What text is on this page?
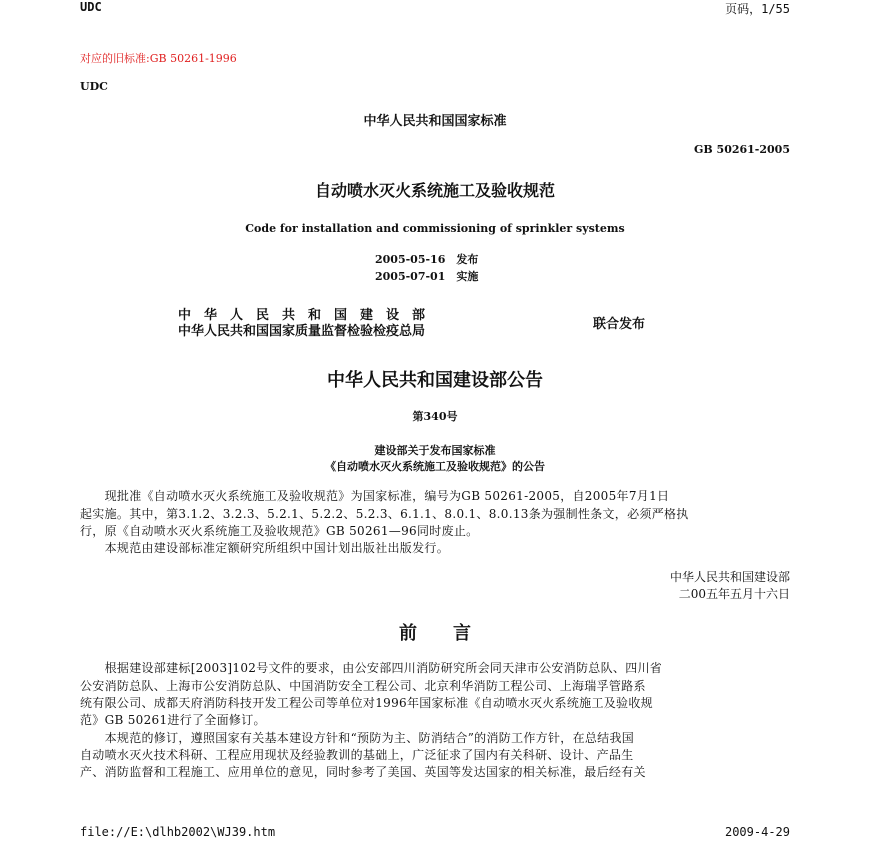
UDC	页码，1/55
对应的旧标准:GB 50261-1996
UDC
中华人民共和国国家标准
GB 50261-2005
自动喷水灭火系统施工及验收规范
Code for installation and commissioning of sprinkler systems
2005-05-16　 发布
2005-07-01　 实施
中　华　人　民　共　和　国　建　设　部
中华人民共和国国家质量监督检验检疫总局	联合发布
中华人民共和国建设部公告
第340号
建设部关于发布国家标准
《自动喷水灭火系统施工及验收规范》的公告
　　现批准《自动喷水灭火系统施工及验收规范》为国家标准，编号为GB 50261-2005，自2005年7月1日
起实施。其中，第3.1.2、3.2.3、5.2.1、5.2.2、5.2.3、6.1.1、8.0.1、8.0.13条为强制性条文，必须严格执
行，原《自动喷水灭火系统施工及验收规范》GB 50261—96同时废止。
　　本规范由建设部标准定额研究所组织中国计划出版社出版发行。
中华人民共和国建设部
二00五年五月十六日
前　　言
　　根据建设部建标[2003]102号文件的要求，由公安部四川消防研究所会同天津市公安消防总队、四川省
公安消防总队、上海市公安消防总队、中国消防安全工程公司、北京利华消防工程公司、上海瑞孚管路系
统有限公司、成都天府消防科技开发工程公司等单位对1996年国家标准《自动喷水灭火系统施工及验收规
范》GB 50261进行了全面修订。
　　本规范的修订，遵照国家有关基本建设方针和“预防为主、防消结合”的消防工作方针，在总结我国
自动喷水灭火技术科研、工程应用现状及经验教训的基础上，广泛征求了国内有关科研、设计、产品生
产、消防监督和工程施工、应用单位的意见，同时参考了美国、英国等发达国家的相关标准，最后经有关
file://E:\dlhb2002\WJ39.htm	2009-4-29
